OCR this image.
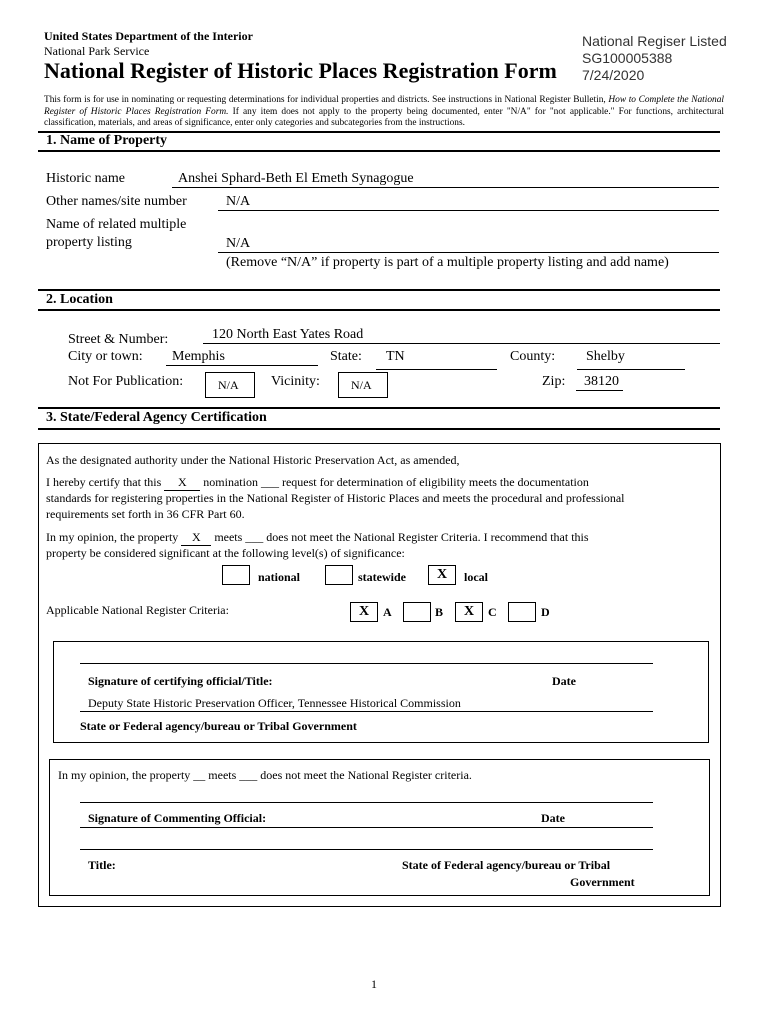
United States Department of the Interior
National Park Service
National Register of Historic Places Registration Form
National Regiser Listed
SG100005388
7/24/2020
This form is for use in nominating or requesting determinations for individual properties and districts. See instructions in National Register Bulletin, How to Complete the National Register of Historic Places Registration Form. If any item does not apply to the property being documented, enter "N/A" for "not applicable." For functions, architectural classification, materials, and areas of significance, enter only categories and subcategories from the instructions.
1. Name of Property
Historic name	Anshei Sphard-Beth El Emeth Synagogue
Other names/site number	N/A
Name of related multiple
property listing	N/A
(Remove “N/A” if property is part of a multiple property listing and add name)
2. Location
Street & Number:	120 North East Yates Road
City or town: Memphis	State: TN	County: Shelby
Not For Publication:	N/A Vicinity:	N/A	Zip: 38120
3. State/Federal Agency Certification
As the designated authority under the National Historic Preservation Act, as amended,
I hereby certify that this X nomination ___ request for determination of eligibility meets the documentation
standards for registering properties in the National Register of Historic Places and meets the procedural and professional
requirements set forth in 36 CFR Part 60.
In my opinion, the property X meets ___ does not meet the National Register Criteria. I recommend that this
property be considered significant at the following level(s) of significance:
national	statewide	X	local
Applicable National Register Criteria:	X	A	B	X	C	D
Signature of certifying official/Title:	Date
Deputy State Historic Preservation Officer, Tennessee Historical Commission
State or Federal agency/bureau or Tribal Government
In my opinion, the property __ meets ___ does not meet the National Register criteria.
Signature of Commenting Official:	Date
Title:	State of Federal agency/bureau or Tribal
Government
1
